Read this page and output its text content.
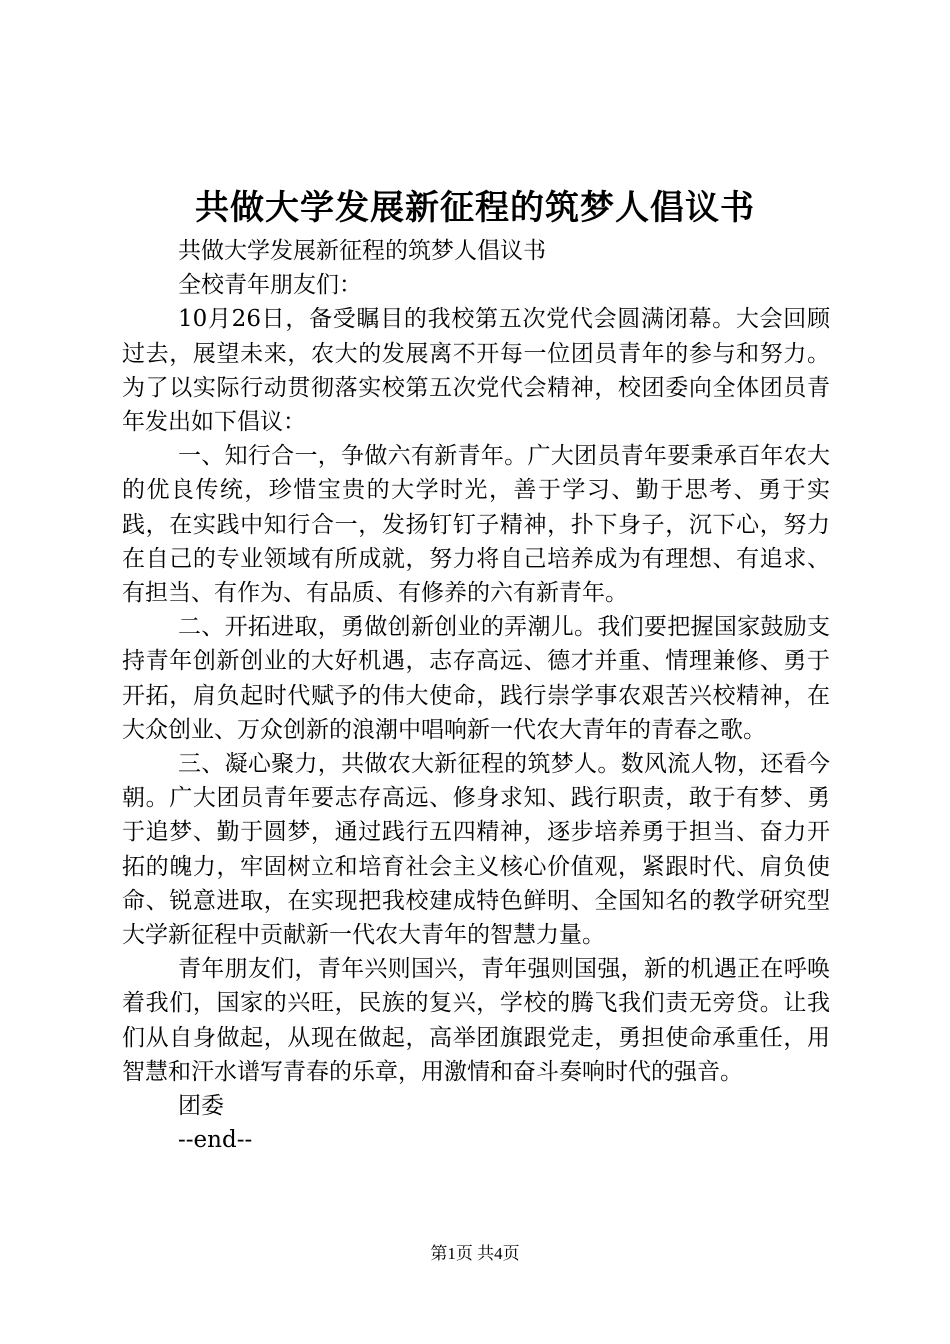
共做大学发展新征程的筑梦人倡议书

共做大学发展新征程的筑梦人倡议书

全校青年朋友们：

10月26日，备受瞩目的我校第五次党代会圆满闭幕。大会回顾过去，展望未来，农大的发展离不开每一位团员青年的参与和努力。为了以实际行动贯彻落实校第五次党代会精神，校团委向全体团员青年发出如下倡议：

一、知行合一，争做六有新青年。广大团员青年要秉承百年农大的优良传统，珍惜宝贵的大学时光，善于学习、勤于思考、勇于实践，在实践中知行合一，发扬钉钉子精神，扑下身子，沉下心，努力在自己的专业领域有所成就，努力将自己培养成为有理想、有追求、有担当、有作为、有品质、有修养的六有新青年。

二、开拓进取，勇做创新创业的弄潮儿。我们要把握国家鼓励支持青年创新创业的大好机遇，志存高远、德才并重、情理兼修、勇于开拓，肩负起时代赋予的伟大使命，践行崇学事农艰苦兴校精神，在大众创业、万众创新的浪潮中唱响新一代农大青年的青春之歌。

三、凝心聚力，共做农大新征程的筑梦人。数风流人物，还看今朝。广大团员青年要志存高远、修身求知、践行职责，敢于有梦、勇于追梦、勤于圆梦，通过践行五四精神，逐步培养勇于担当、奋力开拓的魄力，牢固树立和培育社会主义核心价值观，紧跟时代、肩负使命、锐意进取，在实现把我校建成特色鲜明、全国知名的教学研究型大学新征程中贡献新一代农大青年的智慧力量。

青年朋友们，青年兴则国兴，青年强则国强，新的机遇正在呼唤着我们，国家的兴旺，民族的复兴，学校的腾飞我们责无旁贷。让我们从自身做起，从现在做起，高举团旗跟党走，勇担使命承重任，用智慧和汗水谱写青春的乐章，用激情和奋斗奏响时代的强音。

团委

--end--

第1页 共4页
